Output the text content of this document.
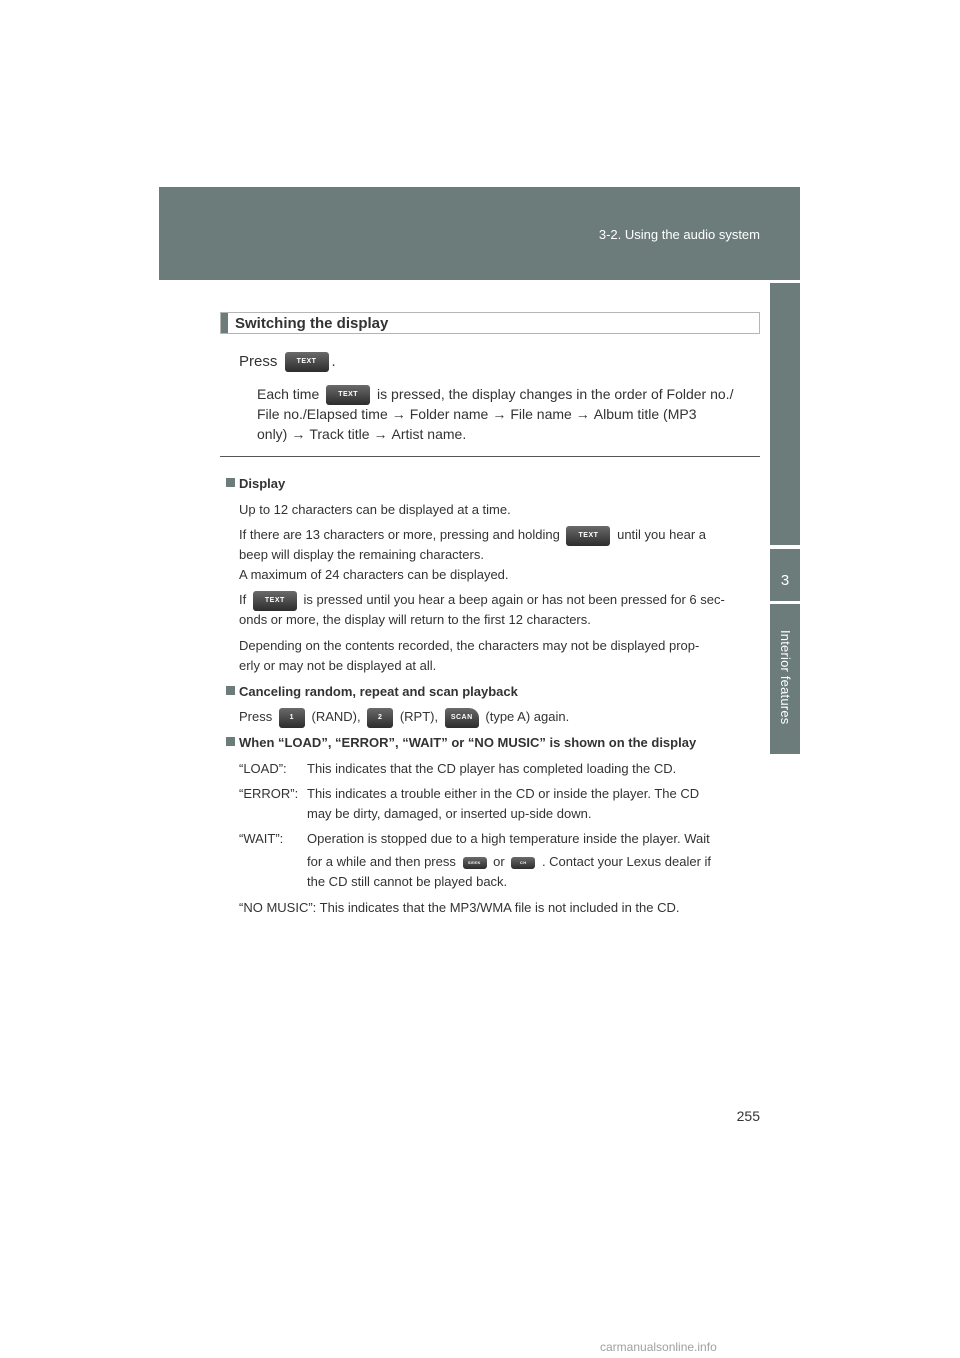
3-2. Using the audio system
3
Interior features
Switching the display
Press	TEXT .
Each time	TEXT is pressed, the display changes in the order of Folder no./
File no./Elapsed time → Folder name → File name → Album title (MP3
only) → Track title → Artist name.
Display
Up to 12 characters can be displayed at a time.
If there are 13 characters or more, pressing and holding	TEXT until you hear a
beep will display the remaining characters.
A maximum of 24 characters can be displayed.
If	TEXT is pressed until you hear a beep again or has not been pressed for 6 sec-
onds or more, the display will return to the first 12 characters.
Depending on the contents recorded, the characters may not be displayed prop-
erly or may not be displayed at all.
Canceling random, repeat and scan playback
Press 1 (RAND), 2 (RPT), SCAN (type A) again.
When “LOAD”, “ERROR”, “WAIT” or “NO MUSIC” is shown on the display
“LOAD”: This indicates that the CD player has completed loading the CD.
“ERROR”: This indicates a trouble either in the CD or inside the player. The CD
may be dirty, damaged, or inserted up-side down.
“WAIT”: Operation is stopped due to a high temperature inside the player. Wait
for a while and then press	SEEK or	CH . Contact your Lexus dealer if
the CD still cannot be played back.
“NO MUSIC”: This indicates that the MP3/WMA file is not included in the CD.
255
carmanualsonline.info
